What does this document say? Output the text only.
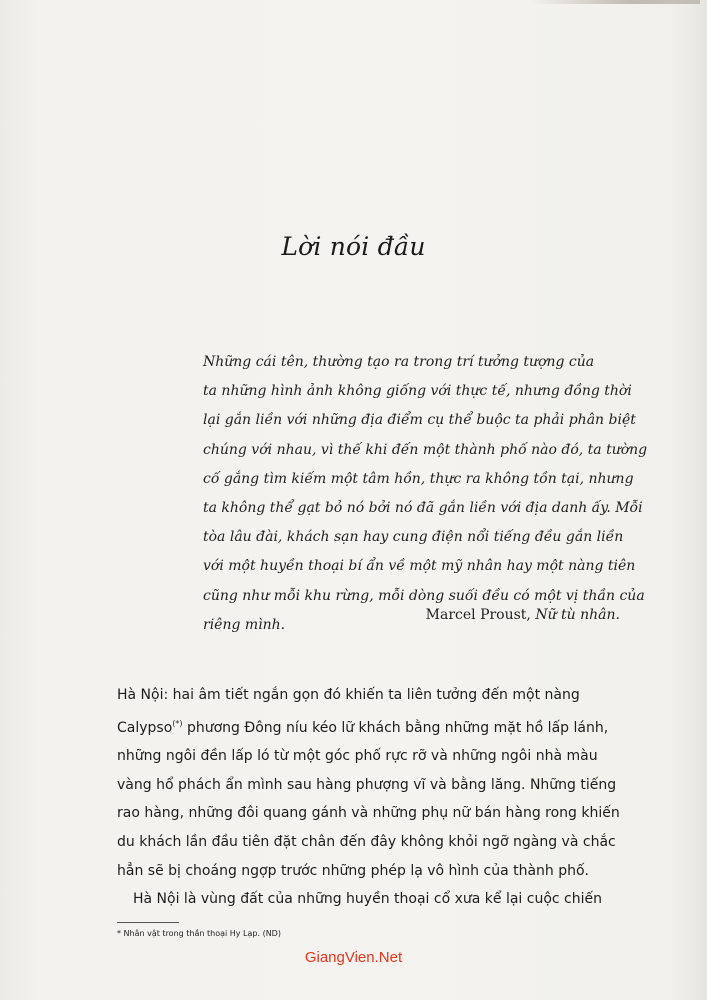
Lời nói đầu
Những cái tên, thường tạo ra trong trí tưởng tượng của
ta những hình ảnh không giống với thực tế, nhưng đồng thời
lại gắn liền với những địa điểm cụ thể buộc ta phải phân biệt
chúng với nhau, vì thế khi đến một thành phố nào đó, ta tường
cố gắng tìm kiếm một tâm hồn, thực ra không tồn tại, nhưng
ta không thể gạt bỏ nó bởi nó đã gắn liền với địa danh ấy. Mỗi
tòa lâu đài, khách sạn hay cung điện nổi tiếng đều gắn liền
với một huyền thoại bí ẩn về một mỹ nhân hay một nàng tiên
cũng như mỗi khu rừng, mỗi dòng suối đều có một vị thần của
riêng mình.
Marcel Proust, Nữ tù nhân.
Hà Nội: hai âm tiết ngắn gọn đó khiến ta liên tưởng đến một nàng
Calypso(*) phương Đông níu kéo lữ khách bằng những mặt hồ lấp lánh,
những ngôi đền lấp ló từ một góc phố rực rỡ và những ngôi nhà màu
vàng hổ phách ẩn mình sau hàng phượng vĩ và bằng lăng. Những tiếng
rao hàng, những đôi quang gánh và những phụ nữ bán hàng rong khiến
du khách lần đầu tiên đặt chân đến đây không khỏi ngỡ ngàng và chắc
hẳn sẽ bị choáng ngợp trước những phép lạ vô hình của thành phố.
Hà Nội là vùng đất của những huyền thoại cổ xưa kể lại cuộc chiến
* Nhân vật trong thần thoại Hy Lạp. (ND)
GiangVien.Net
